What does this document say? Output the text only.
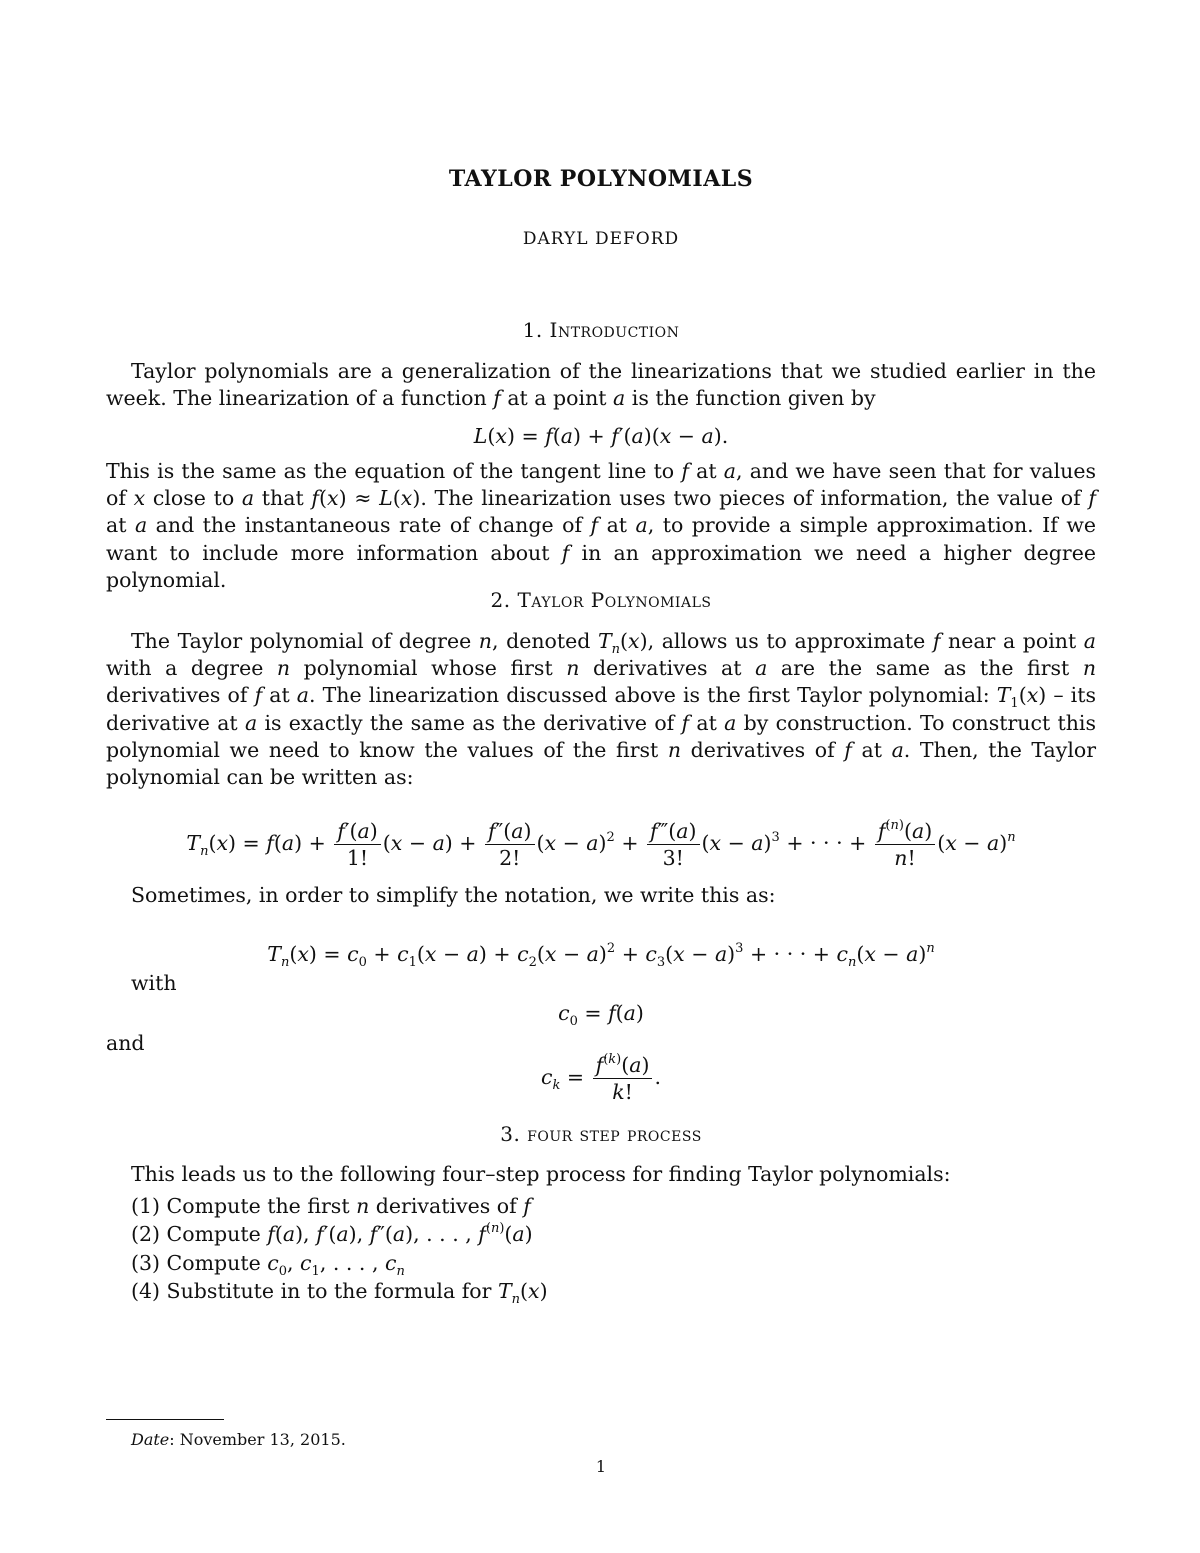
TAYLOR POLYNOMIALS
DARYL DEFORD
1. Introduction
Taylor polynomials are a generalization of the linearizations that we studied earlier in the week. The linearization of a function f at a point a is the function given by
L(x) = f(a) + f′(a)(x − a).
This is the same as the equation of the tangent line to f at a, and we have seen that for values of x close to a that f(x) ≈ L(x). The linearization uses two pieces of information, the value of f at a and the instantaneous rate of change of f at a, to provide a simple approximation. If we want to include more information about f in an approximation we need a higher degree polynomial.
2. Taylor Polynomials
The Taylor polynomial of degree n, denoted $T_n(x)$, allows us to approximate f near a point a with a degree n polynomial whose first n derivatives at a are the same as the first n derivatives of f at a. The linearization discussed above is the first Taylor polynomial: $T_1(x)$ – its derivative at a is exactly the same as the derivative of f at a by construction. To construct this polynomial we need to know the values of the first n derivatives of f at a. Then, the Taylor polynomial can be written as:
$T_n(x) = f(a) + \frac{f'(a)}{1!} (x - a) + \frac{f''(a)}{2!} (x - a)^2 + \frac{f‴(a)}{3!} (x - a)^3$ + · · · + $\frac{f^{(n)}(a)}{n!} (x - a)^n$
Sometimes, in order to simplify the notation, we write this as:
$T_n(x) = c_0 + c_1(x - a) + c_2(x - a)^2 + c_3(x - a)^3$ + · · · + $c_n(x - a)^n$
with
$c_0 = f(a)$
and
$c_k = \frac{f^{(k)}(a)}{k!}$ .
3. four step process
This leads us to the following four–step process for finding Taylor polynomials:
(1) Compute the first n derivatives of f
(2) Compute f(a), f′(a), f″(a), . . . , $f^{(n)}(a)$
(3) Compute $c_0$, $c_1$, . . . , $c_n$
(4) Substitute in to the formula for $T_n(x)$
Date: November 13, 2015.
1
